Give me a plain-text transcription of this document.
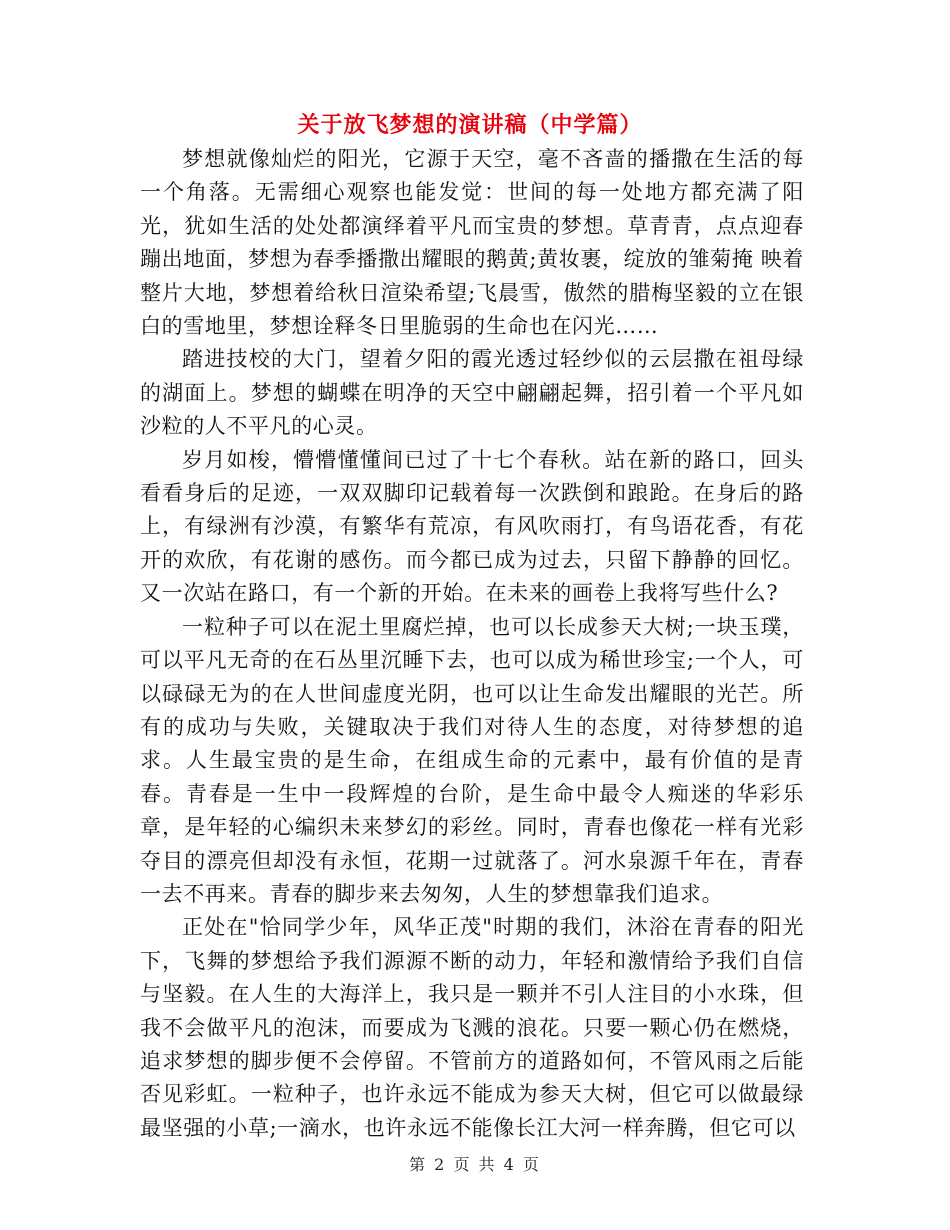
关于放飞梦想的演讲稿（中学篇）

梦想就像灿烂的阳光，它源于天空，毫不吝啬的播撒在生活的每一个角落。无需细心观察也能发觉：世间的每一处地方都充满了阳光，犹如生活的处处都演绎着平凡而宝贵的梦想。草青青，点点迎春蹦出地面，梦想为春季播撒出耀眼的鹅黄;黄妆裹，绽放的雏菊掩 映着整片大地，梦想着给秋日渲染希望;飞晨雪，傲然的腊梅坚毅的立在银白的雪地里，梦想诠释冬日里脆弱的生命也在闪光……

踏进技校的大门，望着夕阳的霞光透过轻纱似的云层撒在祖母绿的湖面上。梦想的蝴蝶在明净的天空中翩翩起舞，招引着一个平凡如沙粒的人不平凡的心灵。

岁月如梭，懵懵懂懂间已过了十七个春秋。站在新的路口，回头看看身后的足迹，一双双脚印记载着每一次跌倒和踉跄。在身后的路上，有绿洲有沙漠，有繁华有荒凉，有风吹雨打，有鸟语花香，有花开的欢欣，有花谢的感伤。而今都已成为过去，只留下静静的回忆。又一次站在路口，有一个新的开始。在未来的画卷上我将写些什么?

一粒种子可以在泥土里腐烂掉，也可以长成参天大树;一块玉璞，可以平凡无奇的在石丛里沉睡下去，也可以成为稀世珍宝;一个人，可以碌碌无为的在人世间虚度光阴，也可以让生命发出耀眼的光芒。所有的成功与失败，关键取决于我们对待人生的态度，对待梦想的追求。人生最宝贵的是生命，在组成生命的元素中，最有价值的是青春。青春是一生中一段辉煌的台阶，是生命中最令人痴迷的华彩乐章，是年轻的心编织未来梦幻的彩丝。同时，青春也像花一样有光彩夺目的漂亮但却没有永恒，花期一过就落了。河水泉源千年在，青春一去不再来。青春的脚步来去匆匆，人生的梦想靠我们追求。

正处在"恰同学少年，风华正茂"时期的我们，沐浴在青春的阳光下，飞舞的梦想给予我们源源不断的动力，年轻和激情给予我们自信与坚毅。在人生的大海洋上，我只是一颗并不引人注目的小水珠，但我不会做平凡的泡沫，而要成为飞溅的浪花。只要一颗心仍在燃烧，追求梦想的脚步便不会停留。不管前方的道路如何，不管风雨之后能否见彩虹。一粒种子，也许永远不能成为参天大树，但它可以做最绿最坚强的小草;一滴水，也许永远不能像长江大河一样奔腾，但它可以

第 2 页 共 4 页
